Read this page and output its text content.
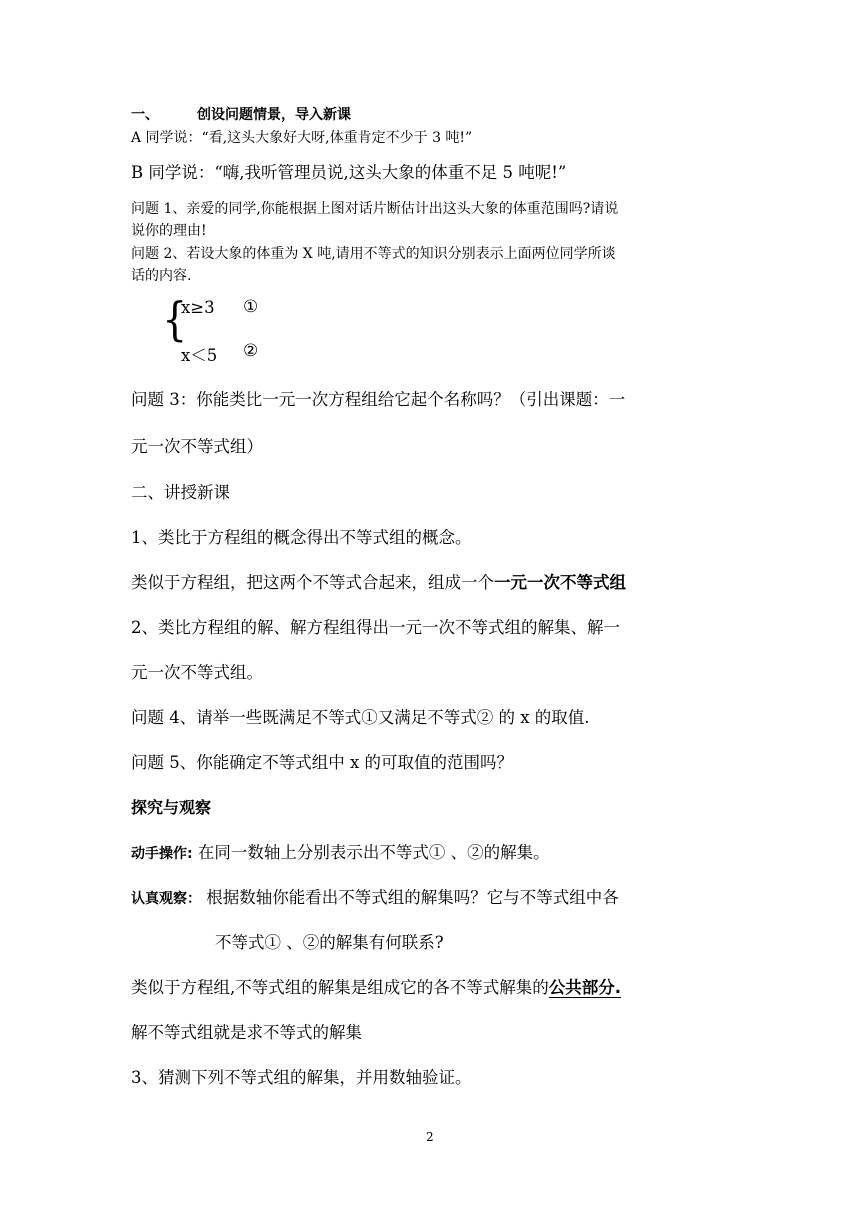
一、	创设问题情景，导入新课
A 同学说：“看,这头大象好大呀,体重肯定不少于 3 吨!”
B 同学说：“嗨,我听管理员说,这头大象的体重不足 5 吨呢!”
问题 1、亲爱的同学,你能根据上图对话片断估计出这头大象的体重范围吗?请说
说你的理由!
问题 2、若设大象的体重为 X 吨,请用不等式的知识分别表示上面两位同学所谈
话的内容.
{
x≥3 ①
x＜5 ②
问题 3：你能类比一元一次方程组给它起个名称吗？（引出课题：一
元一次不等式组）
二、讲授新课
1、类比于方程组的概念得出不等式组的概念。
类似于方程组，把这两个不等式合起来，组成一个一元一次不等式组
2、类比方程组的解、解方程组得出一元一次不等式组的解集、解一
元一次不等式组。
问题 4、请举一些既满足不等式①又满足不等式② 的 x 的取值.
问题 5、你能确定不等式组中 x 的可取值的范围吗？
探究与观察
动手操作: 在同一数轴上分别表示出不等式① 、②的解集。
认真观察： 根据数轴你能看出不等式组的解集吗？它与不等式组中各
不等式① 、②的解集有何联系?
类似于方程组,不等式组的解集是组成它的各不等式解集的公共部分.
解不等式组就是求不等式的解集
3、猜测下列不等式组的解集，并用数轴验证。
2
